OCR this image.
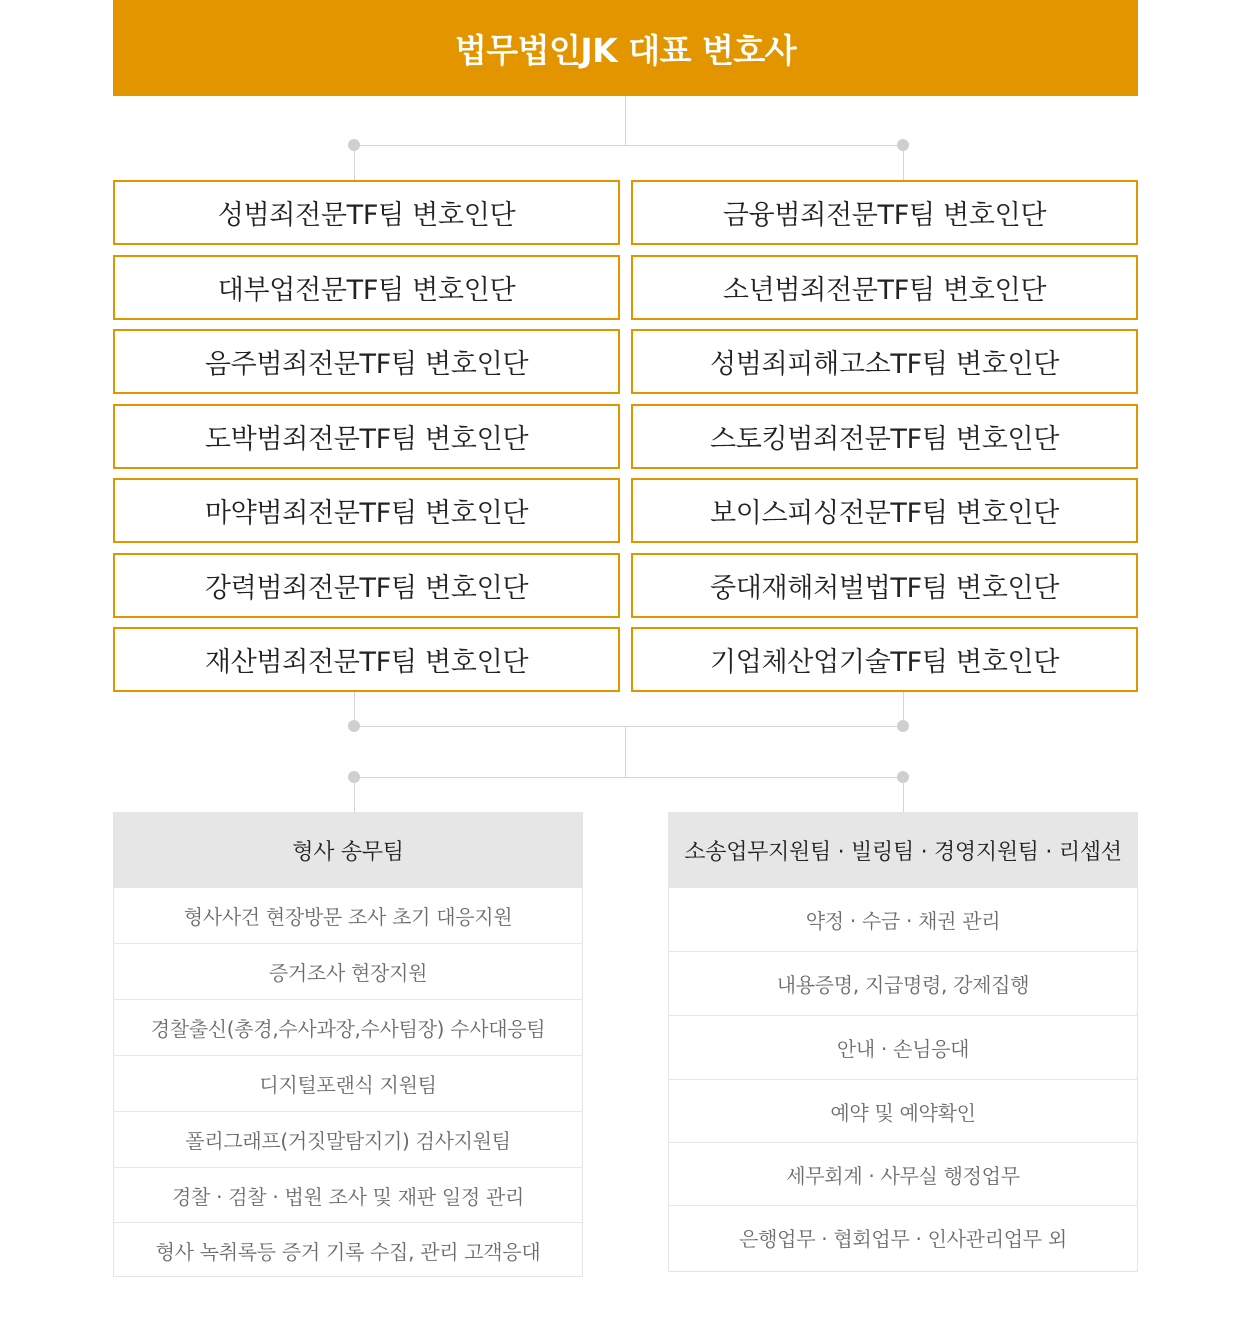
법무법인JK 대표 변호사
성범죄전문TF팀 변호인단
대부업전문TF팀 변호인단
음주범죄전문TF팀 변호인단
도박범죄전문TF팀 변호인단
마약범죄전문TF팀 변호인단
강력범죄전문TF팀 변호인단
재산범죄전문TF팀 변호인단
금융범죄전문TF팀 변호인단
소년범죄전문TF팀 변호인단
성범죄피해고소TF팀 변호인단
스토킹범죄전문TF팀 변호인단
보이스피싱전문TF팀 변호인단
중대재해처벌법TF팀 변호인단
기업체산업기술TF팀 변호인단
형사 송무팀
형사사건 현장방문 조사 초기 대응지원
증거조사 현장지원
경찰출신(총경,수사과장,수사팀장) 수사대응팀
디지털포랜식 지원팀
폴리그래프(거짓말탐지기) 검사지원팀
경찰 · 검찰 · 법원 조사 및 재판 일정 관리
형사 녹취록등 증거 기록 수집, 관리 고객응대
소송업무지원팀 · 빌링팀 · 경영지원팀 · 리셉션
약정 · 수금 · 채권 관리
내용증명, 지급명령, 강제집행
안내 · 손님응대
예약 및 예약확인
세무회계 · 사무실 행정업무
은행업무 · 협회업무 · 인사관리업무 외
